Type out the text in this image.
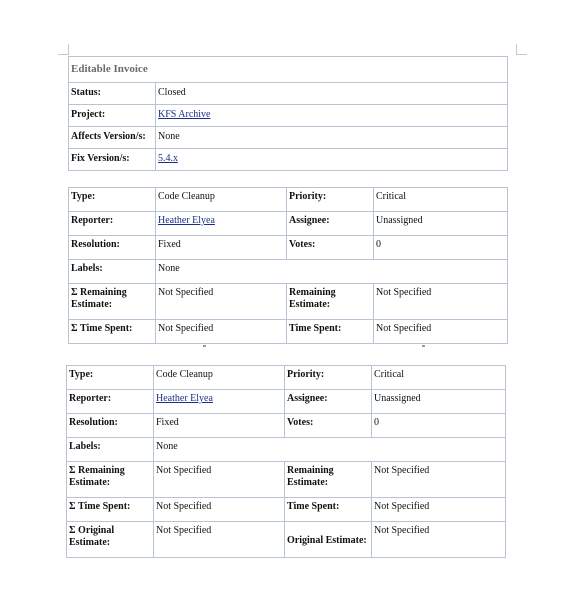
Editable Invoice	
Status:	Closed
Project:	KFS Archive
Affects Version/s:	None
Fix Version/s:	5.4.x
Type:	Code Cleanup	Priority:	Critical
Reporter:	Heather Elyea	Assignee:	Unassigned
Resolution:	Fixed	Votes:	0
Labels:	None		
Σ Remaining Estimate:	Not Specified	Remaining Estimate:	Not Specified
Σ Time Spent:	Not Specified	Time Spent:	Not Specified
Type:	Code Cleanup	Priority:	Critical
Reporter:	Heather Elyea	Assignee:	Unassigned
Resolution:	Fixed	Votes:	0
Labels:	None		
Σ Remaining Estimate:	Not Specified	Remaining Estimate:	Not Specified
Σ Time Spent:	Not Specified	Time Spent:	Not Specified
Σ Original Estimate:	Not Specified	Original Estimate:	Not Specified
